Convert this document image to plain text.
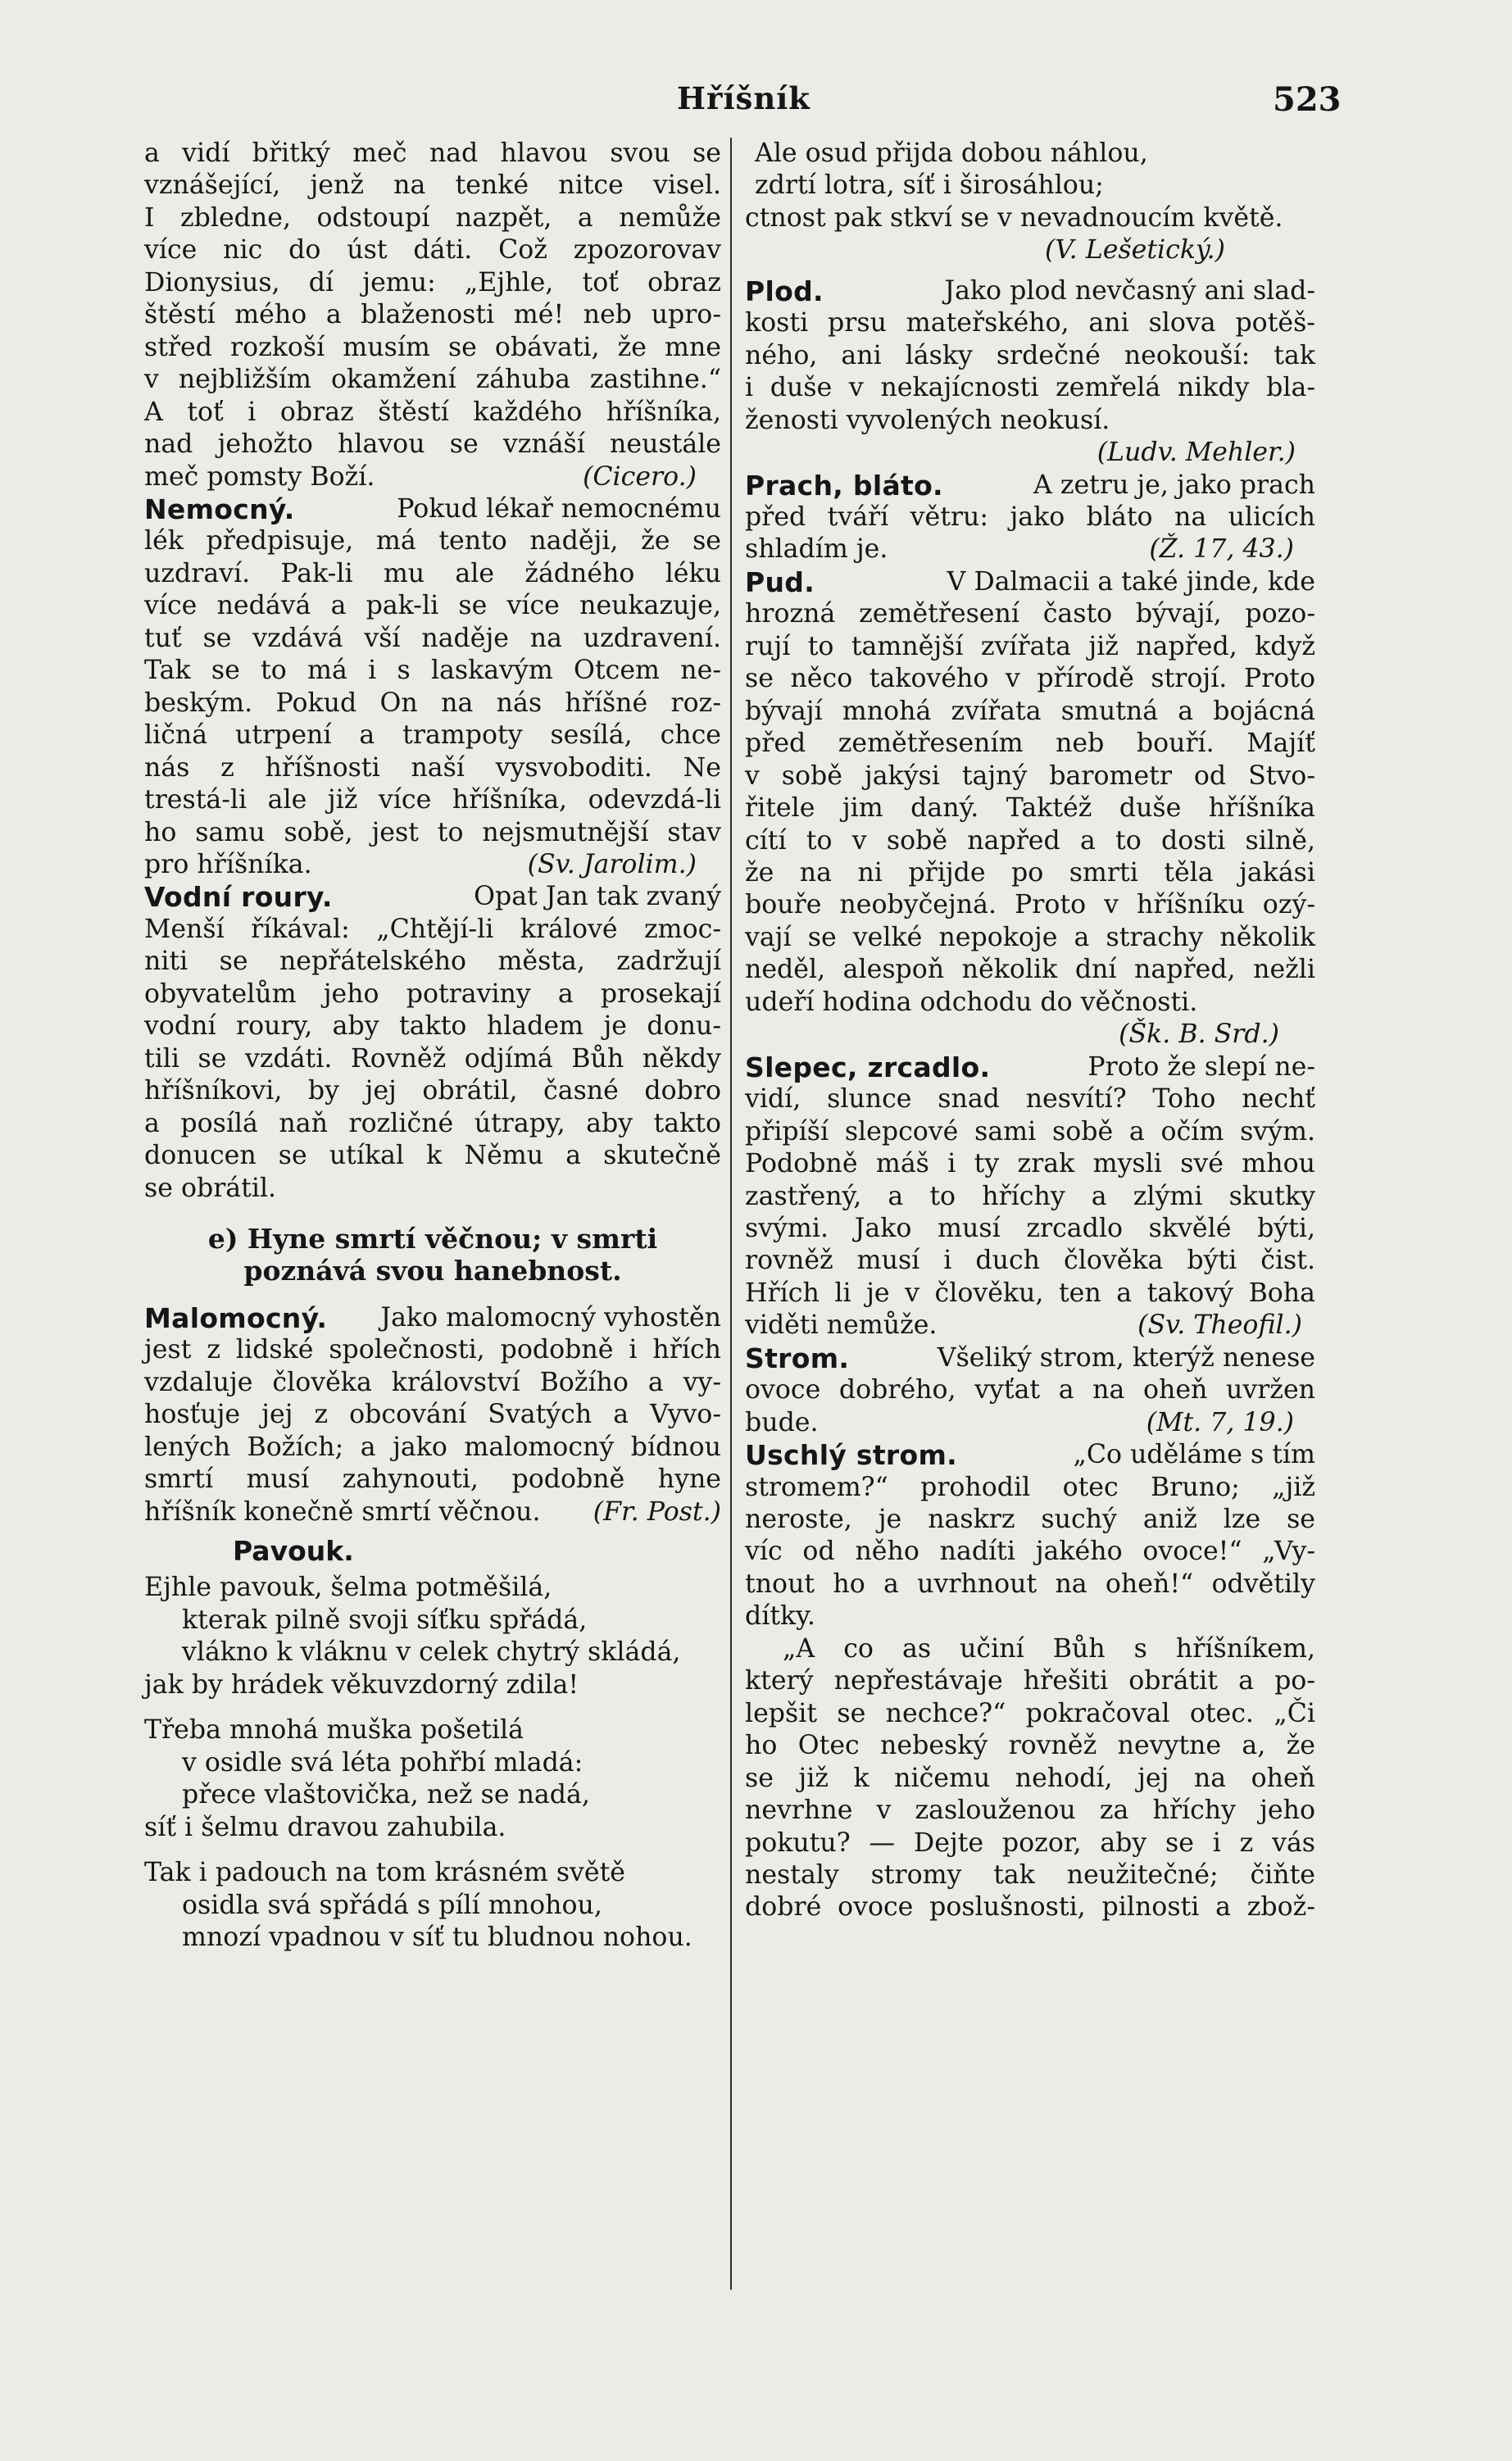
Hříšník	523
a vidí břitký meč nad hlavou svou se
vznášející, jenž na tenké nitce visel.
I zbledne, odstoupí nazpět, a nemůže
více nic do úst dáti. Což zpozorovav
Dionysius, dí jemu: „Ejhle, toť obraz
štěstí mého a blaženosti mé! neb upro-
střed rozkoší musím se obávati, že mne
v nejbližším okamžení záhuba zastihne.“
A toť i obraz štěstí každého hříšníka,
nad jehožto hlavou se vznáší neustále
meč pomsty Boží.	(Cicero.)
Nemocný.	Pokud lékař nemocnému
lék předpisuje, má tento naději, že se
uzdraví. Pak-li mu ale žádného léku
více nedává a pak-li se více neukazuje,
tuť se vzdává vší naděje na uzdravení.
Tak se to má i s laskavým Otcem ne-
beským. Pokud On na nás hříšné roz-
ličná utrpení a trampoty sesílá, chce
nás z hříšnosti naší vysvoboditi. Ne
trestá-li ale již více hříšníka, odevzdá-li
ho samu sobě, jest to nejsmutnější stav
pro hříšníka.	(Sv. Jarolim.)
Vodní roury.	Opat Jan tak zvaný
Menší říkával: „Chtějí-li králové zmoc-
niti se nepřátelského města, zadržují
obyvatelům jeho potraviny a prosekají
vodní roury, aby takto hladem je donu-
tili se vzdáti. Rovněž odjímá Bůh někdy
hříšníkovi, by jej obrátil, časné dobro
a posílá naň rozličné útrapy, aby takto
donucen se utíkal k Němu a skutečně
se obrátil.
e) Hyne smrtí věčnou; v smrti
poznává svou hanebnost.
Malomocný. Jako malomocný vyhostěn
jest z lidské společnosti, podobně i hřích
vzdaluje člověka království Božího a vy-
hosťuje jej z obcování Svatých a Vyvo-
lených Božích; a jako malomocný bídnou
smrtí musí zahynouti, podobně hyne
hříšník konečně smrtí věčnou. (Fr. Post.)
Pavouk.
Ejhle pavouk, šelma potměšilá,
kterak pilně svoji síťku spřádá,
vlákno k vláknu v celek chytrý skládá,
jak by hrádek věkuvzdorný zdila!
Třeba mnohá muška pošetilá
v osidle svá léta pohřbí mladá:
přece vlaštovička, než se nadá,
síť i šelmu dravou zahubila.
Tak i padouch na tom krásném světě
osidla svá spřádá s pílí mnohou,
mnozí vpadnou v síť tu bludnou nohou.
Ale osud přijda dobou náhlou,
zdrtí lotra, síť i širosáhlou;
ctnost pak stkví se v nevadnoucím květě.
(V. Lešetický.)
Plod.	Jako plod nevčasný ani slad-
kosti prsu mateřského, ani slova potěš-
ného, ani lásky srdečné neokouší: tak
i duše v nekajícnosti zemřelá nikdy bla-
ženosti vyvolených neokusí.
(Ludv. Mehler.)
Prach, bláto.	A zetru je, jako prach
před tváří větru: jako bláto na ulicích
shladím je.	(Ž. 17, 43.)
Pud.	V Dalmacii a také jinde, kde
hrozná zemětřesení často bývají, pozo-
rují to tamnější zvířata již napřed, když
se něco takového v přírodě strojí. Proto
bývají mnohá zvířata smutná a bojácná
před zemětřesením neb bouří. Majíť
v sobě jakýsi tajný barometr od Stvo-
řitele jim daný. Taktéž duše hříšníka
cítí to v sobě napřed a to dosti silně,
že na ni přijde po smrti těla jakási
bouře neobyčejná. Proto v hříšníku ozý-
vají se velké nepokoje a strachy několik
neděl, alespoň několik dní napřed, nežli
udeří hodina odchodu do věčnosti.
(Šk. B. Srd.)
Slepec, zrcadlo.	Proto že slepí ne-
vidí, slunce snad nesvítí? Toho nechť
připíší slepcové sami sobě a očím svým.
Podobně máš i ty zrak mysli své mhou
zastřený, a to hříchy a zlými skutky
svými. Jako musí zrcadlo skvělé býti,
rovněž musí i duch člověka býti čist.
Hřích li je v člověku, ten a takový Boha
viděti nemůže.	(Sv. Theofil.)
Strom.	Všeliký strom, kterýž nenese
ovoce dobrého, vyťat a na oheň uvržen
bude.	(Mt. 7, 19.)
Uschlý strom.	„Co uděláme s tím
stromem?“ prohodil otec Bruno; „již
neroste, je naskrz suchý aniž lze se
víc od něho nadíti jakého ovoce!“ „Vy-
tnout ho a uvrhnout na oheň!“ odvětily
dítky.
„A co as učiní Bůh s hříšníkem,
který nepřestávaje hřešiti obrátit a po-
lepšit se nechce?“ pokračoval otec. „Či
ho Otec nebeský rovněž nevytne a, že
se již k ničemu nehodí, jej na oheň
nevrhne v zaslouženou za hříchy jeho
pokutu? — Dejte pozor, aby se i z vás
nestaly stromy tak neužitečné; čiňte
dobré ovoce poslušnosti, pilnosti a zbož-
